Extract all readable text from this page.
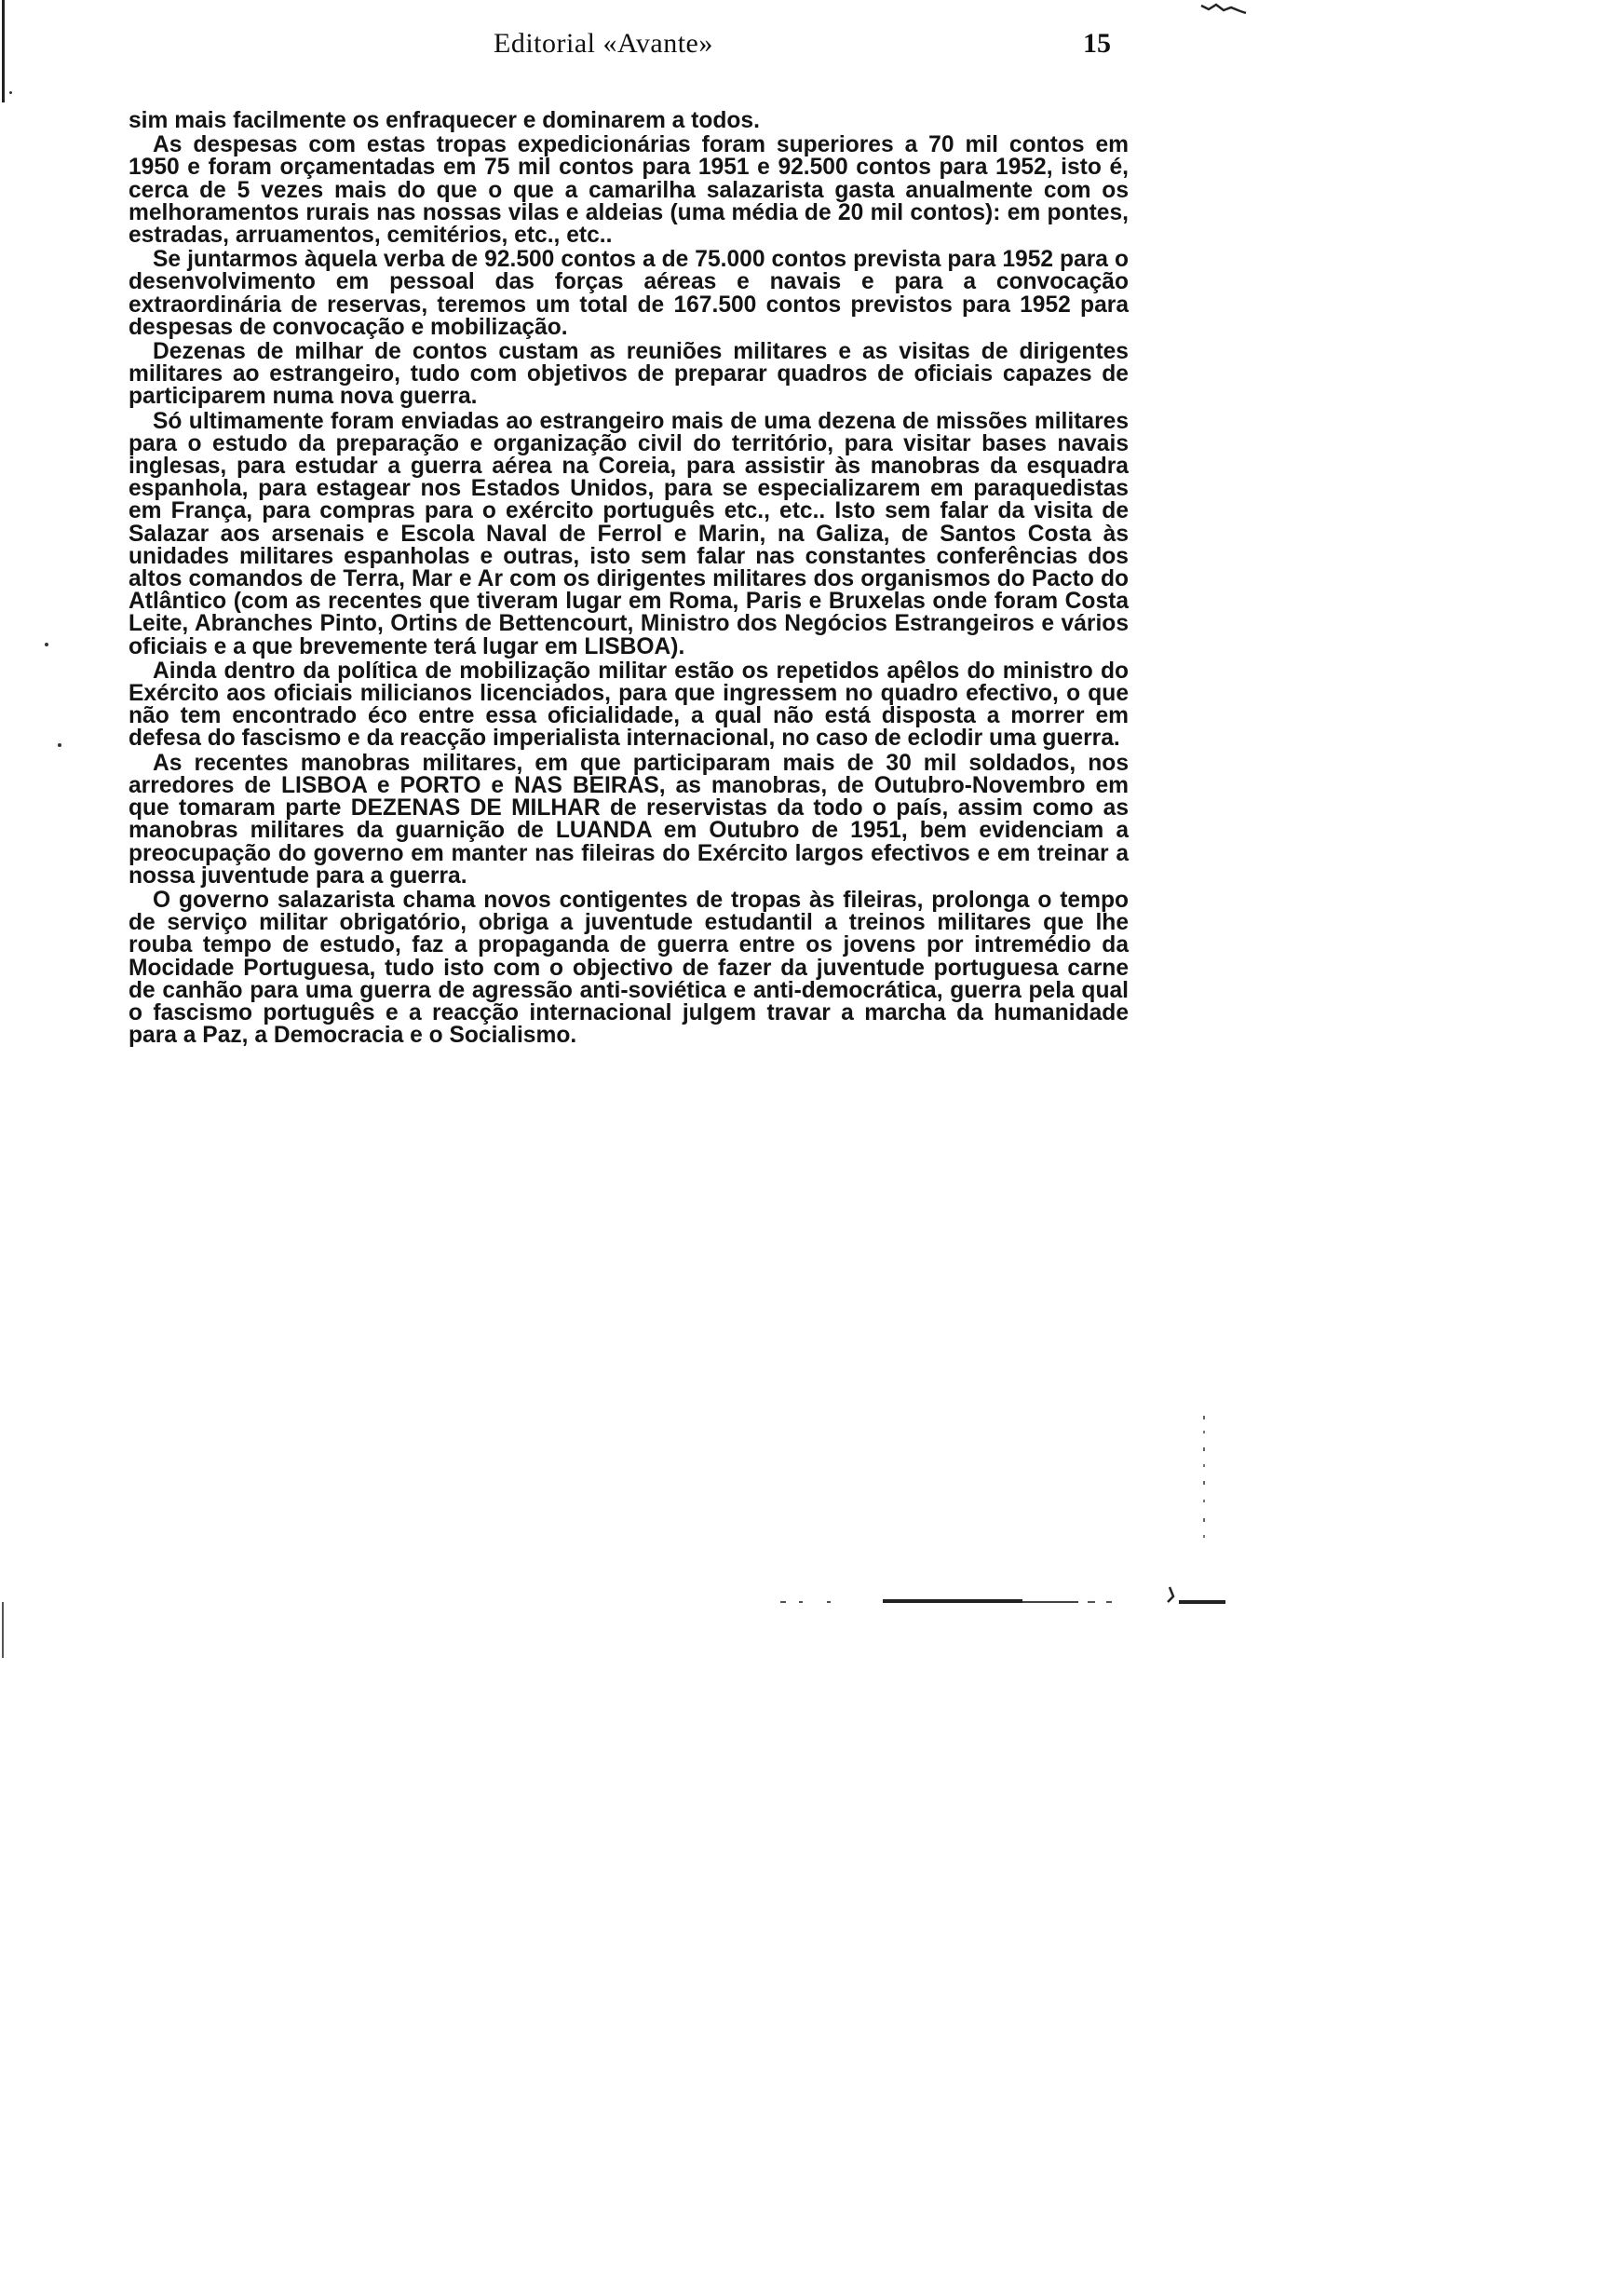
Editorial «Avante»	15

sim mais facilmente os enfraquecer e dominarem a todos.

As despesas com estas tropas expedicionárias foram superiores a 70 mil contos em 1950 e foram orçamentadas em 75 mil contos para 1951 e 92.500 contos para 1952, isto é, cerca de 5 vezes mais do que o que a camarilha salazarista gasta anualmente com os melhoramentos rurais nas nossas vilas e aldeias (uma média de 20 mil contos): em pontes, estradas, arruamentos, cemitérios, etc., etc..

Se juntarmos àquela verba de 92.500 contos a de 75.000 contos prevista para 1952 para o desenvolvimento em pessoal das forças aéreas e navais e para a convocação extraordinária de reservas, teremos um total de 167.500 contos previstos para 1952 para despesas de convocação e mobilização.

Dezenas de milhar de contos custam as reuniões militares e as visitas de dirigentes militares ao estrangeiro, tudo com objetivos de preparar quadros de oficiais capazes de participarem numa nova guerra.

Só ultimamente foram enviadas ao estrangeiro mais de uma dezena de missões militares para o estudo da preparação e organização civil do território, para visitar bases navais inglesas, para estudar a guerra aérea na Coreia, para assistir às manobras da esquadra espanhola, para estagear nos Estados Unidos, para se especializarem em paraquedistas em França, para compras para o exército português etc., etc.. Isto sem falar da visita de Salazar aos arsenais e Escola Naval de Ferrol e Marin, na Galiza, de Santos Costa às unidades militares espanholas e outras, isto sem falar nas constantes conferências dos altos comandos de Terra, Mar e Ar com os dirigentes militares dos organismos do Pacto do Atlântico (com as recentes que tiveram lugar em Roma, Paris e Bruxelas onde foram Costa Leite, Abranches Pinto, Ortins de Bettencourt, Ministro dos Negócios Estrangeiros e vários oficiais e a que brevemente terá lugar em LISBOA).

Ainda dentro da política de mobilização militar estão os repetidos apêlos do ministro do Exército aos oficiais milicianos licenciados, para que ingressem no quadro efectivo, o que não tem encontrado éco entre essa oficialidade, a qual não está disposta a morrer em defesa do fascismo e da reacção imperialista internacional, no caso de eclodir uma guerra.

As recentes manobras militares, em que participaram mais de 30 mil soldados, nos arredores de LISBOA e PORTO e NAS BEIRAS, as manobras, de Outubro-Novembro em que tomaram parte DEZENAS DE MILHAR de reservistas da todo o país, assim como as manobras militares da guarnição de LUANDA em Outubro de 1951, bem evidenciam a preocupação do governo em manter nas fileiras do Exército largos efectivos e em treinar a nossa juventude para a guerra.

O governo salazarista chama novos contigentes de tropas às fileiras, prolonga o tempo de serviço militar obrigatório, obriga a juventude estudantil a treinos militares que lhe rouba tempo de estudo, faz a propaganda de guerra entre os jovens por intremédio da Mocidade Portuguesa, tudo isto com o objectivo de fazer da juventude portuguesa carne de canhão para uma guerra de agressão anti-soviética e anti-democrática, guerra pela qual o fascismo português e a reacção internacional julgem travar a marcha da humanidade para a Paz, a Democracia e o Socialismo.
